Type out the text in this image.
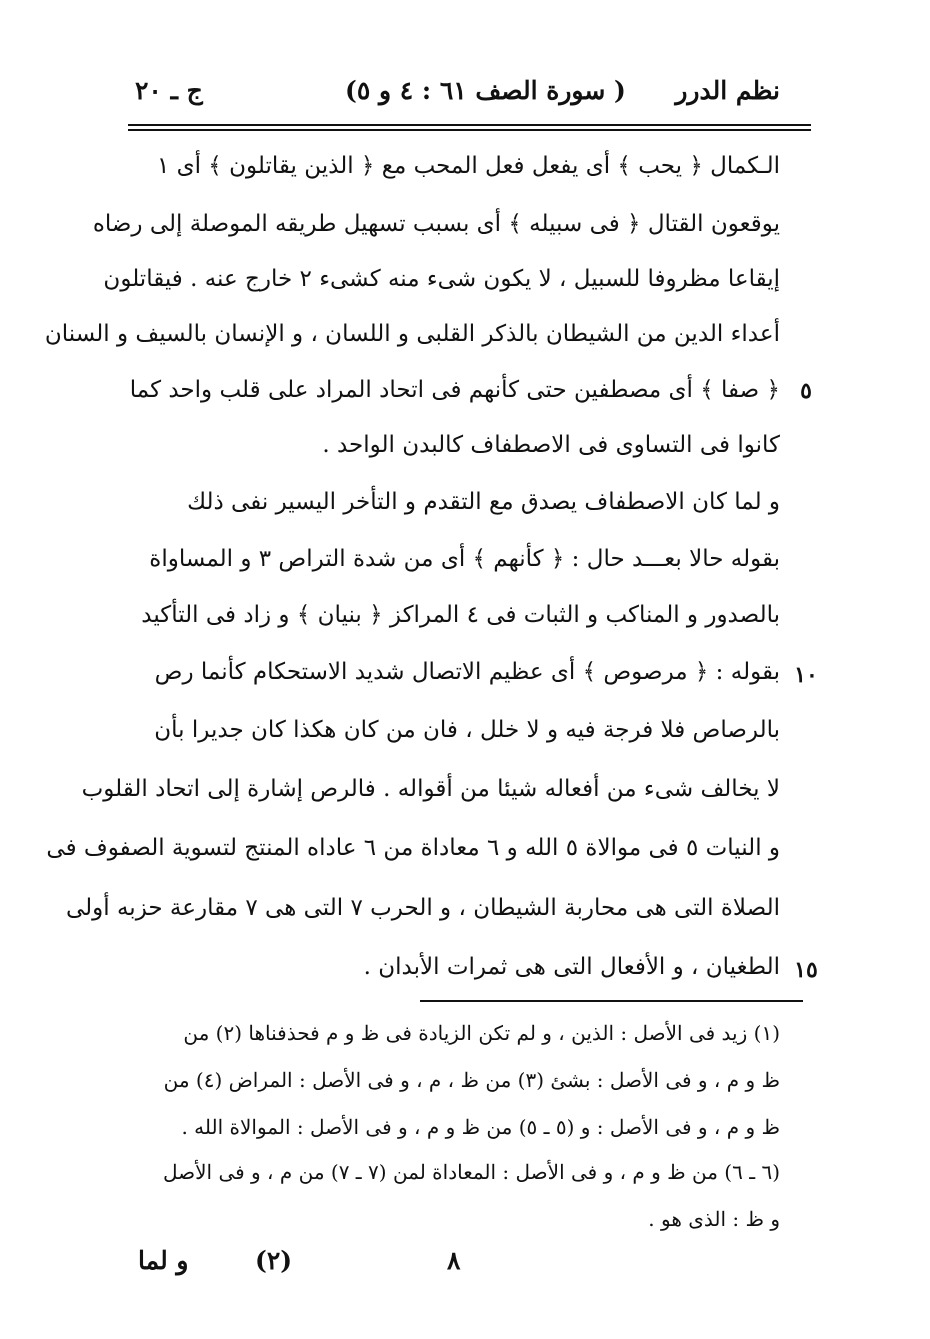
نظم الدرر
( سورة الصف ٦١ : ٤ و ٥)
ج ـ ٢٠
الـكمال ﴿ يحب ﴾ أى يفعل فعل المحب مع ﴿ الذين يقاتلون ﴾ أى ١
يوقعون القتال ﴿ فى سبيله ﴾ أى بسبب تسهيل طريقه الموصلة إلى رضاه
إيقاعا مظروفا للسبيل ، لا يكون شىء منه كشىء ٢ خارج عنه . فيقاتلون
أعداء الدين من الشيطان بالذكر القلبى و اللسان ، و الإنسان بالسيف و السنان
﴿ صفا ﴾ أى مصطفين حتى كأنهم فى اتحاد المراد على قلب واحد كما
كانوا فى التساوى فى الاصطفاف كالبدن الواحد .
و لما كان الاصطفاف يصدق مع التقدم و التأخر اليسير نفى ذلك
بقوله حالا بعـــد حال : ﴿ كأنهم ﴾ أى من شدة التراص ٣ و المساواة
بالصدور و المناكب و الثبات فى ٤ المراكز ﴿ بنيان ﴾ و زاد فى التأكيد
بقوله : ﴿ مرصوص ﴾ أى عظيم الاتصال شديد الاستحكام كأنما رص
بالرصاص فلا فرجة فيه و لا خلل ، فان من كان هكذا كان جديرا بأن
لا يخالف شىء من أفعاله شيئا من أقواله . فالرص إشارة إلى اتحاد القلوب
و النيات ٥ فى موالاة ٥ الله و ٦ معاداة من ٦ عاداه المنتج لتسوية الصفوف فى
الصلاة التى هى محاربة الشيطان ، و الحرب ٧ التى هى ٧ مقارعة حزبه أولى
الطغيان ، و الأفعال التى هى ثمرات الأبدان .
٥
١٠
١٥
(١) زيد فى الأصل : الذين ، و لم تكن الزيادة فى ظ و م فحذفناها (٢) من
ظ و م ، و فى الأصل : بشئ (٣) من ظ ، م ، و فى الأصل : المراض (٤) من
ظ و م ، و فى الأصل : و (٥ ـ ٥) من ظ و م ، و فى الأصل : الموالاة الله .
(٦ ـ ٦) من ظ و م ، و فى الأصل : المعاداة لمن (٧ ـ ٧) من م ، و فى الأصل
و ظ : الذى هو .
٨
(٢)
و لما
